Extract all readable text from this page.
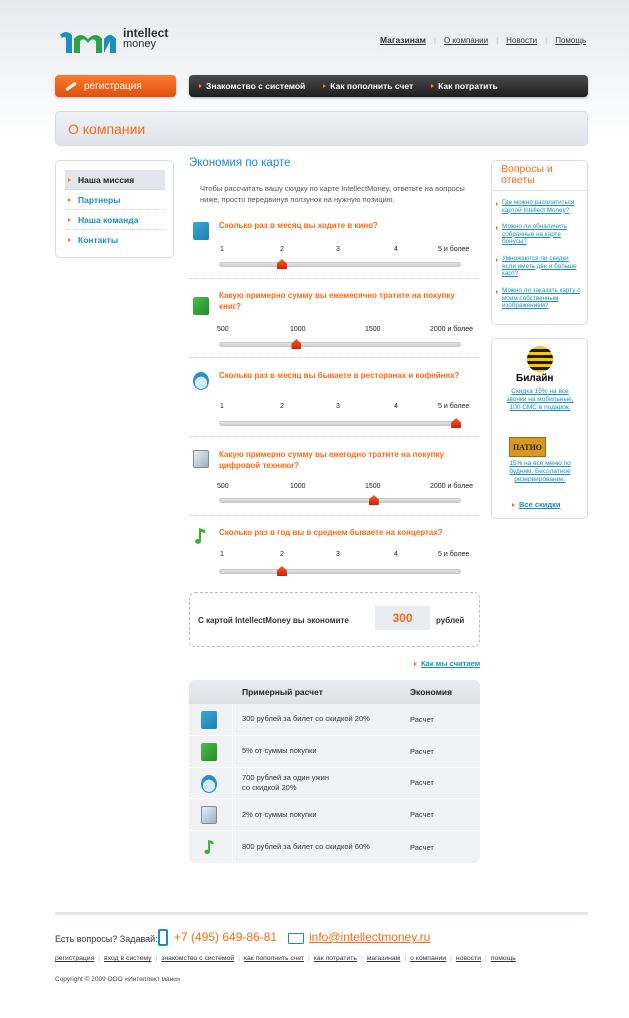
intellect
money	Магазинам | О компании | Новости | Помощь
регистрация	Знакомство с системой	Как пополнить счет	Как потратить
О компании
Наша миссия
Партнеры
Наша команда
Контакты
Экономия по карте
Чтобы рассчитать вашу скидку по карте IntellectMoney, ответьте на вопросы ниже, просто передвинув ползунок на нужную позицию.
Сколько раз в месяц вы ходите в кино?
1	2	3	4	5 и более
Какую примерно сумму вы ежемесячно тратите на покупку книг?
500	1000	1500	2000 и более
Сколько раз в месяц вы бываете в ресторанах и кофейнях?
1	2	3	4	5 и более
Какую примерно сумму вы ежегодно тратите на покупку цифровой техники?
500	1000	1500	2000 и более
Сколько раз в год вы в среднем бываете на концертах?
1	2	3	4	5 и более
С картой IntellectMoney вы экономите	300	рублей
Как мы считаем
Примерный расчет	Экономия
300 рублей за билет со скидкой 20%	Расчет
5% от суммы покупки	Расчет
700 рублей за один ужин со скидкой 20%	Расчет
2% от суммы покупки	Расчет
800 рублей за билет со скидкой 60%	Расчет
Вопросы и ответы
Где можно расплатиться картой Intellect Money?
Можно ли обналичить собранные на карте бонусы?
Умножаются ли скидки если иметь две и больше карт?
Можно ли заказать карту с моим собственным изображением?
Билайн
Скидка 15% на все звонки на мобильные, 100 СМС в подарок.
ПАТИО
15% на все меню по будням. Бесплатное резервирование.
Все скидки
Есть вопросы? Задавай: +7 (495) 649-86-81	info@intellectmoney.ru
регистрация | вход в систему | знакомство с системой | как пополнить счет | как потратить | магазинам | о компании | новости | помощь
Copyright © 2009 ООО «Интеллект мани»
